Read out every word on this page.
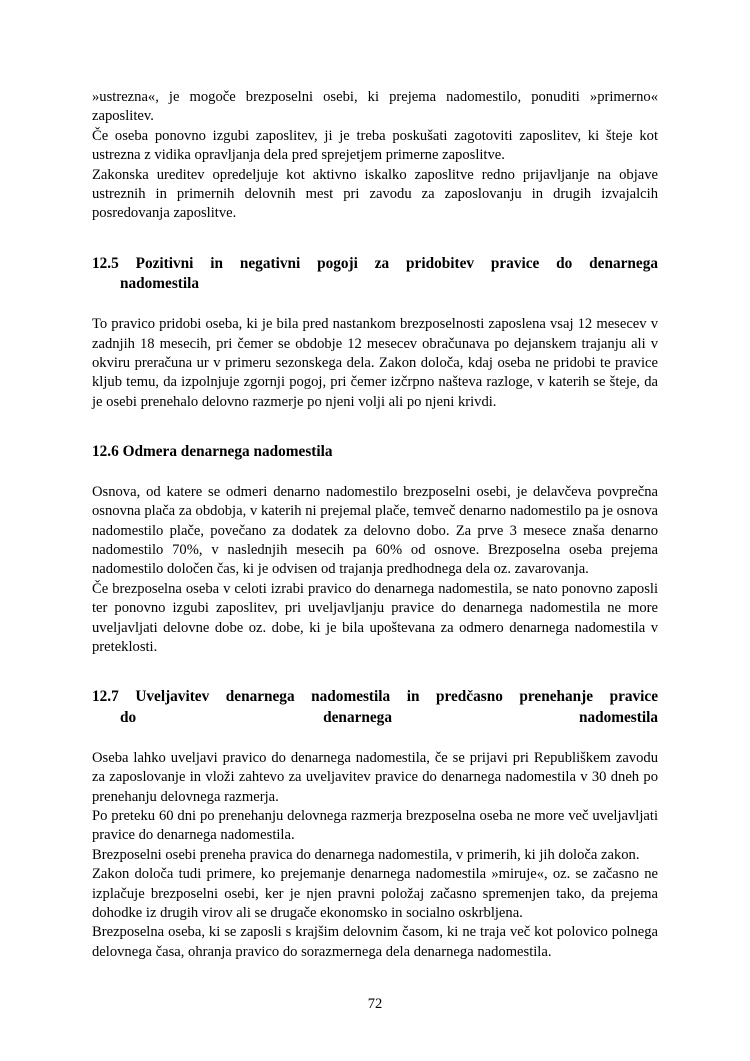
»ustrezna«, je mogoče brezposelni osebi, ki prejema nadomestilo, ponuditi »primerno« zaposlitev.

Če oseba ponovno izgubi zaposlitev, ji je treba poskušati zagotoviti zaposlitev, ki šteje kot ustrezna z vidika opravljanja dela pred sprejetjem primerne zaposlitve.

Zakonska ureditev opredeljuje kot aktivno iskalko zaposlitve redno prijavljanje na objave ustreznih in primernih delovnih mest pri zavodu za zaposlovanju in drugih izvajalcih posredovanja zaposlitve.

12.5 Pozitivni in negativni pogoji za pridobitev pravice do denarnega
nadomestila

To pravico pridobi oseba, ki je bila pred nastankom brezposelnosti zaposlena vsaj 12 mesecev v zadnjih 18 mesecih, pri čemer se obdobje 12 mesecev obračunava po dejanskem trajanju ali v okviru preračuna ur v primeru sezonskega dela. Zakon določa, kdaj oseba ne pridobi te pravice kljub temu, da izpolnjuje zgornji pogoj, pri čemer izčrpno našteva razloge, v katerih se šteje, da je osebi prenehalo delovno razmerje po njeni volji ali po njeni krivdi.

12.6 Odmera denarnega nadomestila

Osnova, od katere se odmeri denarno nadomestilo brezposelni osebi, je delavčeva povprečna osnovna plača za obdobja, v katerih ni prejemal plače, temveč denarno nadomestilo pa je osnova nadomestilo plače, povečano za dodatek za delovno dobo. Za prve 3 mesece znaša denarno nadomestilo 70%, v naslednjih mesecih pa 60% od osnove. Brezposelna oseba prejema nadomestilo določen čas, ki je odvisen od trajanja predhodnega dela oz. zavarovanja.

Če brezposelna oseba v celoti izrabi pravico do denarnega nadomestila, se nato ponovno zaposli ter ponovno izgubi zaposlitev, pri uveljavljanju pravice do denarnega nadomestila ne more uveljavljati delovne dobe oz. dobe, ki je bila upoštevana za odmero denarnega nadomestila v preteklosti.

12.7 Uveljavitev denarnega nadomestila in predčasno prenehanje pravice
do denarnega nadomestila

Oseba lahko uveljavi pravico do denarnega nadomestila, če se prijavi pri Republiškem zavodu za zaposlovanje in vloži zahtevo za uveljavitev pravice do denarnega nadomestila v 30 dneh po prenehanju delovnega razmerja.

Po preteku 60 dni po prenehanju delovnega razmerja brezposelna oseba ne more več uveljavljati pravice do denarnega nadomestila.

Brezposelni osebi preneha pravica do denarnega nadomestila, v primerih, ki jih določa zakon.

Zakon določa tudi primere, ko prejemanje denarnega nadomestila »miruje«, oz. se začasno ne izplačuje brezposelni osebi, ker je njen pravni položaj začasno spremenjen tako, da prejema dohodke iz drugih virov ali se drugače ekonomsko in socialno oskrbljena.

Brezposelna oseba, ki se zaposli s krajšim delovnim časom, ki ne traja več kot polovico polnega delovnega časa, ohranja pravico do sorazmernega dela denarnega nadomestila.

72
